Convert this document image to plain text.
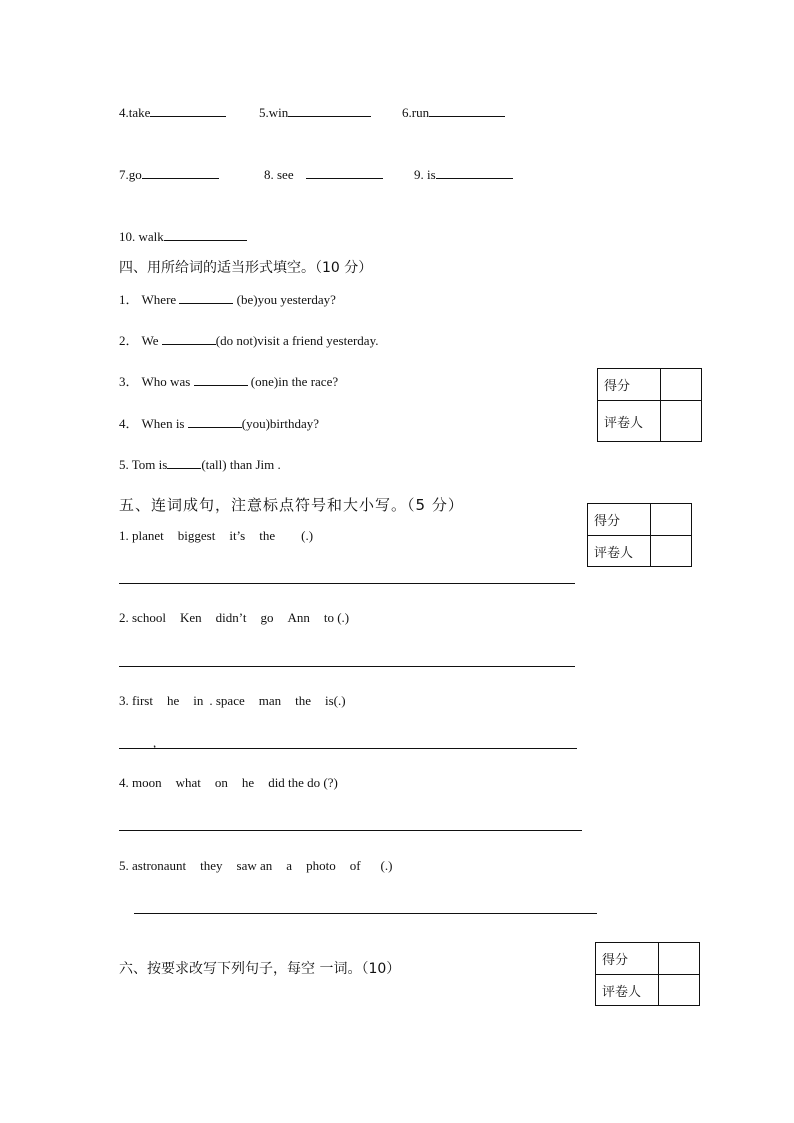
4.take	5.win	6.run
7.go	8. see	9. is
10. walk
四、用所给词的适当形式填空。（10 分）
1． Where	(be)you yesterday?
2． We	(do not)visit a friend yesterday.
3． Who was	(one)in the race?
4． When is	(you)birthday?
5. Tom is	(tall) than Jim .
得分	
评卷人	
五、连词成句，注意标点符号和大小写。（5 分）
得分	
评卷人	
1. planet biggest it’s the (.)
2. school Ken didn’t go Ann to (.)
3. first he in . space man the is(.)
,
4. moon what on he did the do (?)
5. astronaunt they saw an a photo of (.)
六、按要求改写下列句子，每空 一词。（10）
得分	
评卷人	
